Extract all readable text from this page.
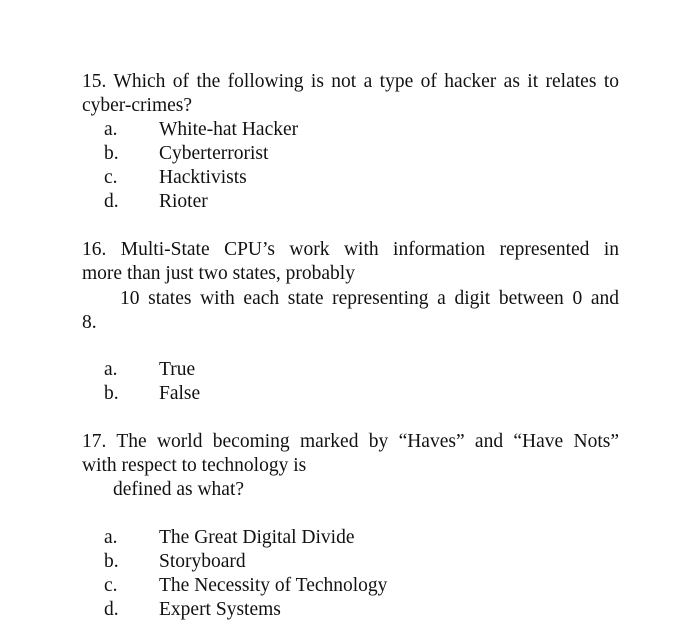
15. Which of the following is not a type of hacker as it relates to
cyber-crimes?
a. White-hat Hacker
b. Cyberterrorist
c. Hacktivists
d. Rioter
16. Multi-State CPU’s work with information represented in
more than just two states, probably
10 states with each state representing a digit between 0 and
8.
a. True
b. False
17. The world becoming marked by “Haves” and “Have Nots”
with respect to technology is
defined as what?
a. The Great Digital Divide
b. Storyboard
c. The Necessity of Technology
d. Expert Systems
